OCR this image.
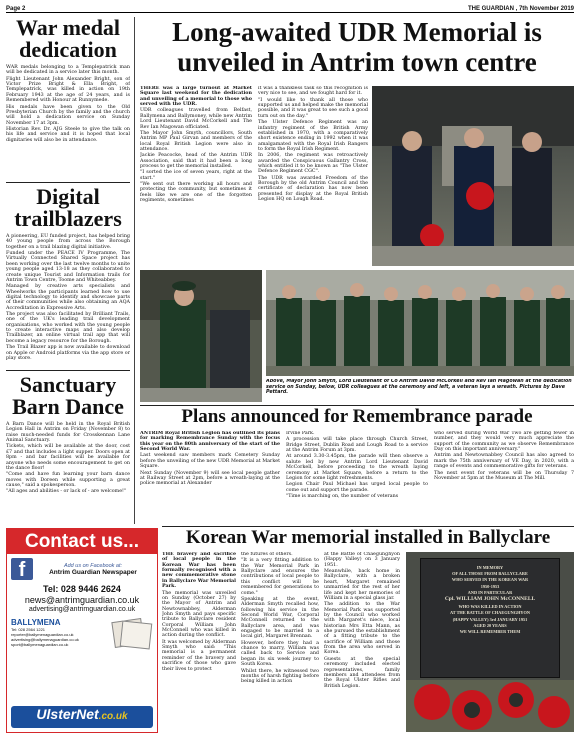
Page 2	THE GUARDIAN , 7th November 2019
War medal dedication

WAR medals belonging to a Templepatrick man will be dedicated in a service later this month.

Flight Lieutenant John Alexander Bright, son of Victor Prize Bright & Ella Bright, of Templepatrick, was killed in action on 19th February 1943 at the age of 24 years, and is Remembered with Honour at Runnymede.

His medals have been given to the Old Presbyterian Church by the family and the church will hold a dedication service on Sunday November 17 at 3pm.

Historian Rev. Dr. AJG Steele to give the talk on his life and service and it is hoped that local dignitaries will also be in attendance.

Digital trailblazers

A pioneering, EU funded project, has helped bring 40 young people from across the Borough together on a trail blazing digital initiative.

Funded under the PEACE IV Programme, The Virtually Connected Shared Space project has been working over the last twelve months to unite young people aged 13-18 as they collaborated to create unique Tourist and Information trails for Antrim Town Centre, Toome and Whiteabbey.

Managed by creative arts specialists and Wheelworks the participants learned how to use digital technology to identify and showcase parts of their communities while also obtaining an AQA Accreditation in Expressive Arts.

The project was also facilitated by Brilliant Trails, one of the UK's leading trail development organisations, who worked with the young people to create interactive maps and also develop Trailblazer, an online virtual trail app that will become a legacy resource for the Borough.

The Trail Blazer app is now available to download on Apple or Android platforms via the app store or play store.

Sanctuary Barn Dance

A Barn Dance will be held in the Royal British Legion Hall in Antrim on Friday (November 8) to raise much-needed funds for Crosskennan Lane Animal Sanctuary.

Tickets, which will be available at the door, cost £7 and that includes a light supper. Doors open at 8pm - and bar facilities will be available for anyone who needs some encouragement to get on the dance floor!

"Come and have fun learning your barn dance moves with Doreen while supporting a great cause," said a spokesperson.

"All ages and abilities - or lack of - are welcome!"

Contact us...
f	Add us on Facebook at:
Antrim Guardian Newspaper
Tel: 028 9446 2624
news@antrimguardian.co.uk
advertising@antrimguardian.co.uk
BALLYMENA
Tel: 028 2564 1221
reporter@ballymenaguardian.co.uk
advertising@ballymenaguardian.co.uk
sport@ballymenaguardian.co.uk
UlsterNet.co.uk
Long-awaited UDR Memorial is unveiled in Antrim town centre

THERE was a large turnout at Market Square last weekend for the dedication and unveiling of a memorial to those who served with the UDR.

UDR colleagues travelled from Belfast, Ballymena and Ballymoney, while new Antrim Lord Lieutenant David McCorkell and The Rev Ian Magowan officiated.

The Mayor John Smyth, councillors, South Antrim MP Paul Girvan and members of the local Royal British Legion were also in attendance.

Jackie Peacocke, head of the Antrim UDR Association, said that it had been a long process to get the memorial installed.

"I sorted the ice of seven years, right at the start."

"We sent out there working all hours and protecting the community, but sometimes it feels like we are one of the forgotten regiments, sometimes

it was a thankless task so this recognition is very nice to see, and we fought hard for it.

"I would like to thank all those who supported us and helped make the memorial possible, and it was great to see such a good turn out on the day."

The Ulster Defence Regiment was an infantry regiment of the British Army established in 1970, with a comparatively short existence ending in 1992 when it was amalgamated with the Royal Irish Rangers to form the Royal Irish Regiment.

In 2006, the regiment was retroactively awarded the Conspicuous Gallantry Cross, which entitled it to be known as "The Ulster Defence Regiment CGC".

The UDR was awarded Freedom of the Borough by the old Antrim Council and the certificate of declaration has now been presented for display at the Royal British Legion HQ on Lough Road.

Above, Mayor John Smyth, Lord Lieutenant of Co Antrim David McCorkell and Rev Ian Magowan at the dedication service on Sunday, below, UDR colleagues at the ceremony and left, a veteran lays a wreath. Pictures by Dave Pettard.
Plans announced for Remembrance parade

ANTRIM Royal British Legion has outlined its plans for marking Remembrance Sunday with the focus this year on the 80th anniversary of the start of the Second World War.

Last weekend saw members mark Cemetery Sunday before the unveiling of the new UDR Memorial at Market Square.

Next Sunday (November 9) will see local people gather at Railway Street at 2pm, before a wreath-laying at the police memorial at Alexander

Irvine Park.

A procession will take place through Church Street, Bridge Street, Dublin Road and Lough Road to a service at the Antrim Forum at 3pm.

At around 3.30-3.45pm, the parade will then observe a salute led by new Antrim Lord Lieutenant David McCorkell, before proceeding to the wreath laying ceremony at Market Square, before a return to the Legion for some light refreshments.

Legion Chair Paul Michael has urged local people to come out and support the parade.

"Time is marching on, the number of veterans

who served during World War Two are getting fewer in number, and they would very much appreciate the support of the community as we observe Remembrance Day on this important anniversary."

Antrim and Newtownabbey Council has also agreed to mark the 75th anniversary of VE Day, in 2020, with a range of events and commemorative gifts for veterans.

The next event for veterans will be on Thursday 7 November at 5pm at the Museum at The Mill.

Korean War memorial installed in Ballyclare

THE bravery and sacrifice of local people in the Korean War has been formally recognised with a new commemorative stone in Ballyclare War Memorial Park.

The memorial was unveiled on Sunday (October 27) by the Mayor of Antrim and Newtownabbey, Alderman John Smyth and pays specific tribute to Ballyclare resident Corporal William John McConnell who was killed in action during the conflict.

It was welcomed by Alderman Smyth who said: "This memorial is a permanent reminder of the bravery and sacrifice of those who gave their lives to protect

the futures of others.

"It is a very fitting addition to the War Memorial Park in Ballyclare and ensures the contributions of local people to this conflict will be remembered for generations to come."

Speaking at the event, Alderman Smyth recalled how, following his service in the Second World War, Corporal McConnell returned to the Ballyclare area, and was engaged to be married to a local girl, Margaret Brennan.

However, before they had a chance to marry, William was called back to Service and began its six week journey to South Korea.

Whilst there, he witnessed two months of harsh fighting before being killed in action

at the Battle of Chaegunghyon (Happy Valley) on 3 January 1951.

Meanwhile, back home in Ballyclare, with a broken heart, Margaret remained unmarried for the rest of her life and kept her memories of William in a special glass jar.

The addition to the War Memorial Park was supported by the Council who worked with Margaret's niece, local historian Mrs Etta Mann, as she pursued the establishment of a fitting tribute to the sacrifice of William and those from the area who served in Korea.

Guests at the special ceremony included elected representatives, family members and attendees from the Royal Ulster Rifles and British Legion.

IN MEMORY
OF ALL THOSE FROM BALLYCLARE
WHO SERVED IN THE KOREAN WAR
1950-1953
AND IN PARTICULAR
Cpl. WILLIAM JOHN McCONNELL
WHO WAS KILLED IN ACTION
AT THE BATTLE OF CHAEGUNGHYON
(HAPPY VALLEY) 3rd JANUARY 1951
AGED 20 YEARS
WE WILL REMEMBER THEM
